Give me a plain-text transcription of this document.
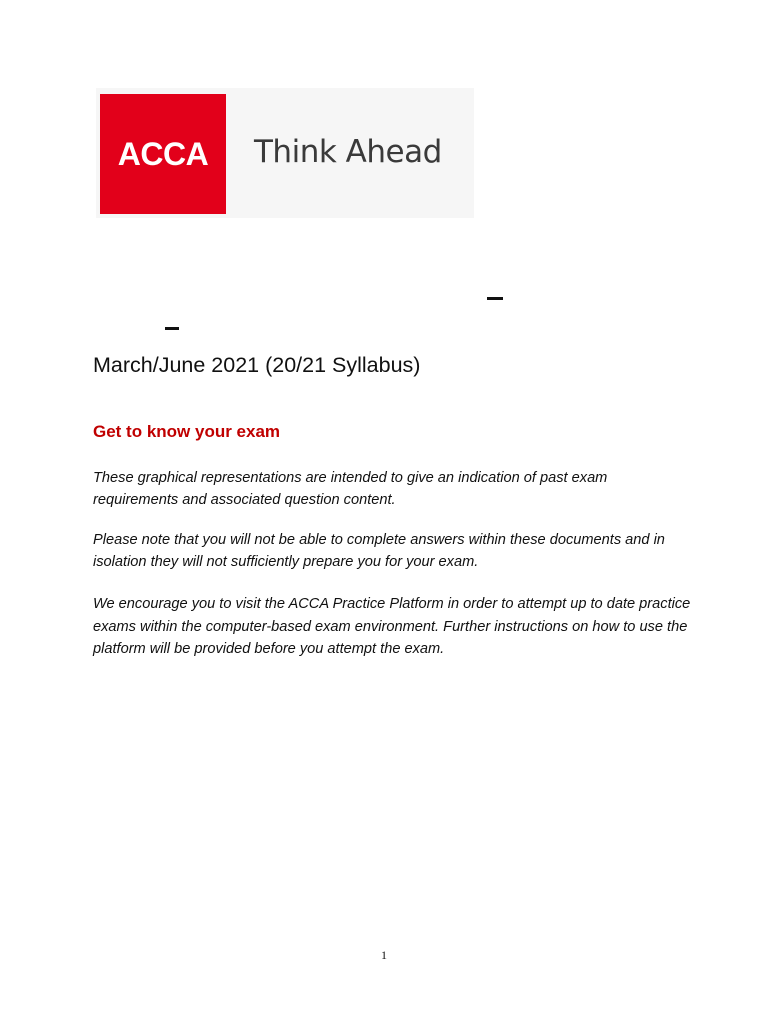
ACCA Think Ahead
March/June 2021 (20/21 Syllabus)
Get to know your exam

These graphical representations are intended to give an indication of past exam requirements and associated question content.

Please note that you will not be able to complete answers within these documents and in isolation they will not sufficiently prepare you for your exam.

We encourage you to visit the ACCA Practice Platform in order to attempt up to date practice exams within the computer-based exam environment. Further instructions on how to use the platform will be provided before you attempt the exam.

1
